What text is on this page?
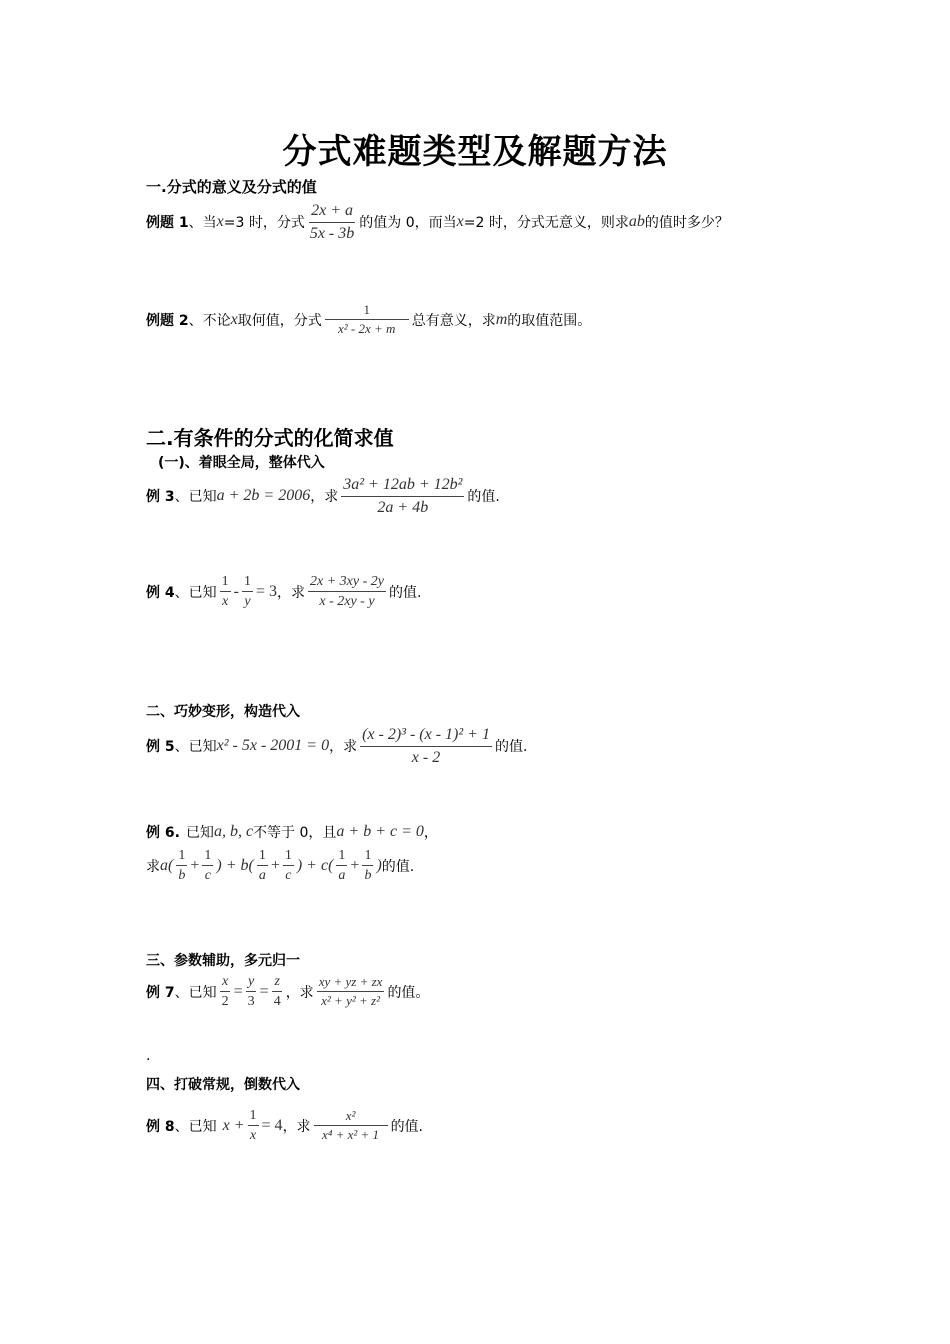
分式难题类型及解题方法
一.分式的意义及分式的值
例题 1 、当 x =3 时，分式 $\frac{2x + a}{5x - 3b}$ 的值为 0，而当 x =2 时，分式无意义，则求 ab 的值时多少？
例题 2 、不论 x 取何值，分式 $\frac{1}{\text{x² - 2x + m}}$ 总有意义，求 m 的取值范围。
二.有条件的分式的化简求值
(一)、着眼全局，整体代入
例 3 、已知 a + 2b = 2006 ，求 $\frac{\text{3a² + 12ab + 12b²}}{2a + 4b}$ 的值.
例 4 、已知 $\frac{1}{x} - \frac{1}{y} = 3$ ，求 $\frac{2x + 3xy - 2y}{x - 2xy - y}$ 的值.
二、巧妙变形，构造代入
例 5 、已知 x² - 5x - 2001 = 0 ，求 $\frac{\text{(x - 2)³ - (x - 1)² + 1}}{x - 2}$ 的值.
例 6. 已知 a, b, c 不等于 0，且 a + b + c = 0 ，
求 $a( \frac{1}{b} + \frac{1}{c}$ ) + $b( \frac{1}{a} + \frac{1}{c}$ ) + $c( \frac{1}{a} + \frac{1}{b}$ ) 的值.
三、参数辅助，多元归一
例 7 、已知 $\frac{x}{2} = \frac{y}{3} = \frac{z}{4}$ ，求 $\frac{xy + yz + zx}{\text{x² + y² + z²}}$ 的值。
.
四、打破常规，倒数代入
例 8 、已知 $x + \frac{1}{x} = 4$ ，求 $\frac{\text{x²}}{\text{x⁴ + x² + 1}}$ 的值.
